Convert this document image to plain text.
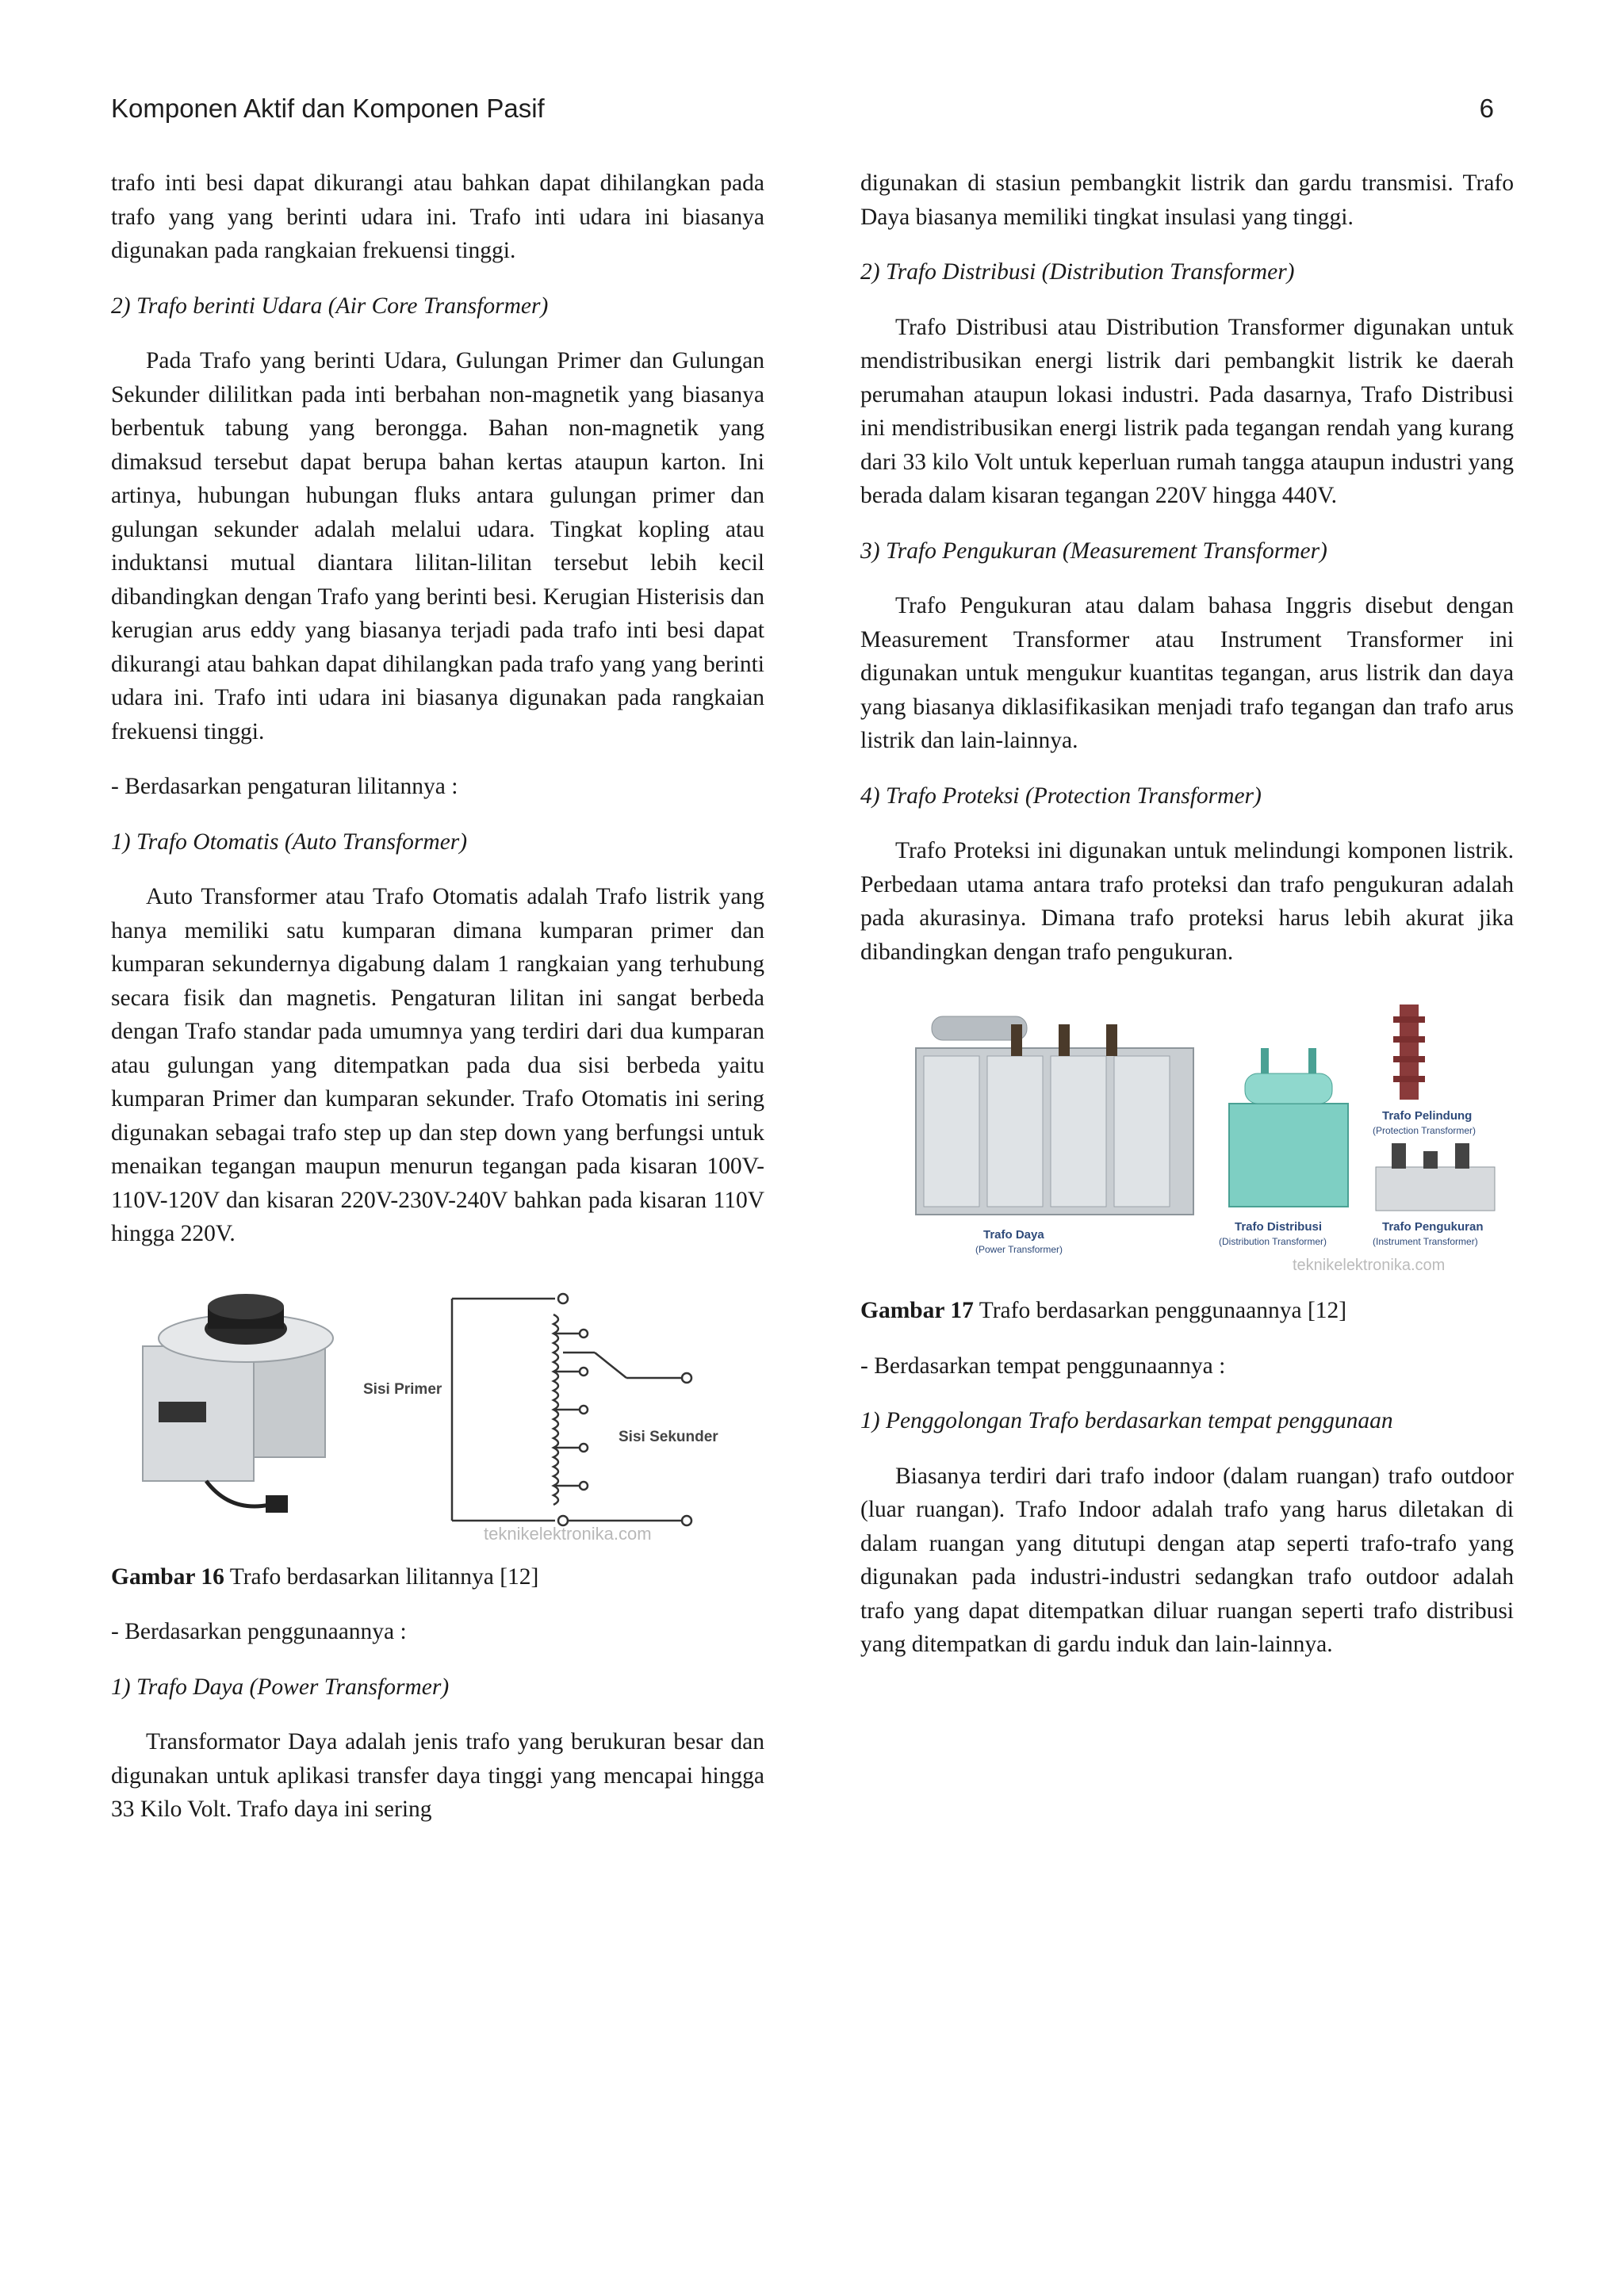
Komponen Aktif dan Komponen Pasif	6

trafo inti besi dapat dikurangi atau bahkan dapat dihilangkan pada trafo yang yang berinti udara ini. Trafo inti udara ini biasanya digunakan pada rangkaian frekuensi tinggi.

2) Trafo berinti Udara (Air Core Transformer)

Pada Trafo yang berinti Udara, Gulungan Primer dan Gulungan Sekunder dililitkan pada inti berbahan non-magnetik yang biasanya berbentuk tabung yang berongga. Bahan non-magnetik yang dimaksud tersebut dapat berupa bahan kertas ataupun karton. Ini artinya, hubungan hubungan fluks antara gulungan primer dan gulungan sekunder adalah melalui udara. Tingkat kopling atau induktansi mutual diantara lilitan-lilitan tersebut lebih kecil dibandingkan dengan Trafo yang berinti besi. Kerugian Histerisis dan kerugian arus eddy yang biasanya terjadi pada trafo inti besi dapat dikurangi atau bahkan dapat dihilangkan pada trafo yang yang berinti udara ini. Trafo inti udara ini biasanya digunakan pada rangkaian frekuensi tinggi.

- Berdasarkan pengaturan lilitannya :

1) Trafo Otomatis (Auto Transformer)

Auto Transformer atau Trafo Otomatis adalah Trafo listrik yang hanya memiliki satu kumparan dimana kumparan primer dan kumparan sekundernya digabung dalam 1 rangkaian yang terhubung secara fisik dan magnetis. Pengaturan lilitan ini sangat berbeda dengan Trafo standar pada umumnya yang terdiri dari dua kumparan atau gulungan yang ditempatkan pada dua sisi berbeda yaitu kumparan Primer dan kumparan sekunder. Trafo Otomatis ini sering digunakan sebagai trafo step up dan step down yang berfungsi untuk menaikan tegangan maupun menurun tegangan pada kisaran 100V-110V-120V dan kisaran 220V-230V-240V bahkan pada kisaran 110V hingga 220V.

Sisi Primer
Sisi Sekunder
teknikelektronika.com

Gambar 16 Trafo berdasarkan lilitannya [12]

- Berdasarkan penggunaannya :

1) Trafo Daya (Power Transformer)

Transformator Daya adalah jenis trafo yang berukuran besar dan digunakan untuk aplikasi transfer daya tinggi yang mencapai hingga 33 Kilo Volt. Trafo daya ini sering

digunakan di stasiun pembangkit listrik dan gardu transmisi. Trafo Daya biasanya memiliki tingkat insulasi yang tinggi.

2) Trafo Distribusi (Distribution Transformer)

Trafo Distribusi atau Distribution Transformer digunakan untuk mendistribusikan energi listrik dari pembangkit listrik ke daerah perumahan ataupun lokasi industri. Pada dasarnya, Trafo Distribusi ini mendistribusikan energi listrik pada tegangan rendah yang kurang dari 33 kilo Volt untuk keperluan rumah tangga ataupun industri yang berada dalam kisaran tegangan 220V hingga 440V.

3) Trafo Pengukuran (Measurement Transformer)

Trafo Pengukuran atau dalam bahasa Inggris disebut dengan Measurement Transformer atau Instrument Transformer ini digunakan untuk mengukur kuantitas tegangan, arus listrik dan daya yang biasanya diklasifikasikan menjadi trafo tegangan dan trafo arus listrik dan lain-lainnya.

4) Trafo Proteksi (Protection Transformer)

Trafo Proteksi ini digunakan untuk melindungi komponen listrik. Perbedaan utama antara trafo proteksi dan trafo pengukuran adalah pada akurasinya. Dimana trafo proteksi harus lebih akurat jika dibandingkan dengan trafo pengukuran.

Trafo Daya
(Power Transformer)
Trafo Distribusi
(Distribution Transformer)
Trafo Pelindung
(Protection Transformer)
Trafo Pengukuran
(Instrument Transformer)
teknikelektronika.com

Gambar 17 Trafo berdasarkan penggunaannya [12]

- Berdasarkan tempat penggunaannya :

1) Penggolongan Trafo berdasarkan tempat penggunaan

Biasanya terdiri dari trafo indoor (dalam ruangan) trafo outdoor (luar ruangan). Trafo Indoor adalah trafo yang harus diletakan di dalam ruangan yang ditutupi dengan atap seperti trafo-trafo yang digunakan pada industri-industri sedangkan trafo outdoor adalah trafo yang dapat ditempatkan diluar ruangan seperti trafo distribusi yang ditempatkan di gardu induk dan lain-lainnya.
